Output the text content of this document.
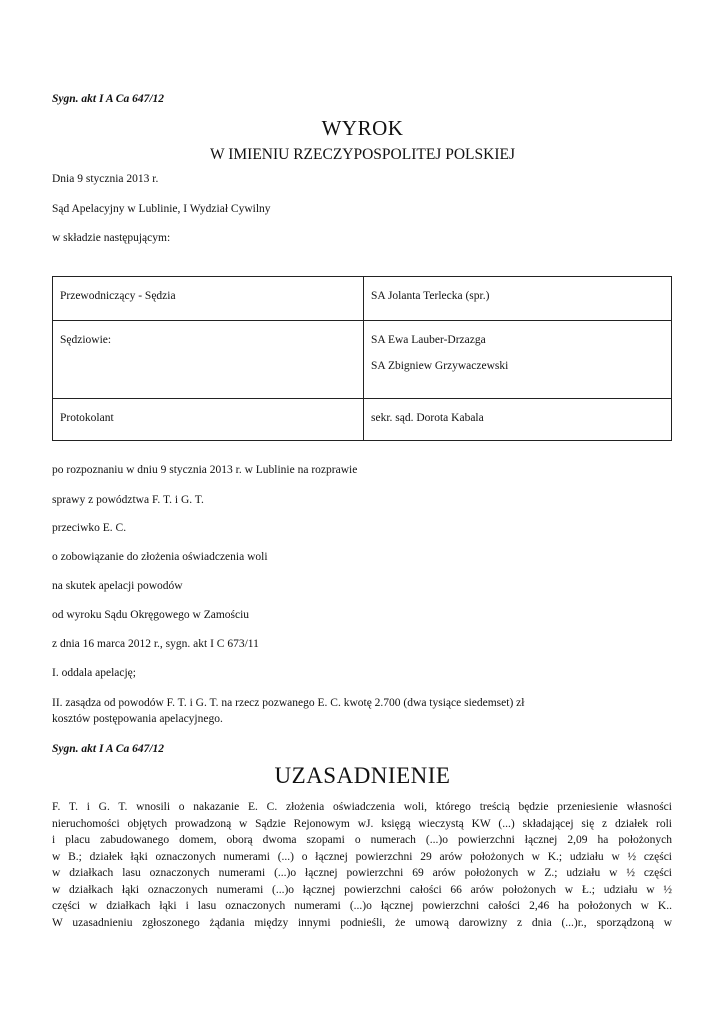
Sygn. akt I A Ca 647/12
WYROK
W IMIENIU RZECZYPOSPOLITEJ POLSKIEJ
Dnia 9 stycznia 2013 r.
Sąd Apelacyjny w Lublinie, I Wydział Cywilny
w składzie następującym:
Przewodniczący - Sędzia	SA Jolanta Terlecka (spr.)

Sędziowie:	SA Ewa Lauber-Drzazga
SA Zbigniew Grzywaczewski

Protokolant	sekr. sąd. Dorota Kabala
po rozpoznaniu w dniu 9 stycznia 2013 r. w Lublinie na rozprawie
sprawy z powództwa F. T. i G. T.
przeciwko E. C.
o zobowiązanie do złożenia oświadczenia woli
na skutek apelacji powodów
od wyroku Sądu Okręgowego w Zamościu
z dnia 16 marca 2012 r., sygn. akt I C 673/11
I. oddala apelację;
II. zasądza od powodów F. T. i G. T. na rzecz pozwanego E. C. kwotę 2.700 (dwa tysiące siedemset) zł
kosztów postępowania apelacyjnego.
Sygn. akt I A Ca 647/12
UZASADNIENIE
F. T. i G. T. wnosili o nakazanie E. C. złożenia oświadczenia woli, którego treścią będzie przeniesienie własności
nieruchomości objętych prowadzoną w Sądzie Rejonowym wJ. księgą wieczystą KW (...) składającej się z działek roli
i placu zabudowanego domem, oborą dwoma szopami o numerach (...)o powierzchni łącznej 2,09 ha położonych
w B.; działek łąki oznaczonych numerami (...) o łącznej powierzchni 29 arów położonych w K.; udziału w ½ części
w działkach lasu oznaczonych numerami (...)o łącznej powierzchni 69 arów położonych w Z.; udziału w ½ części
w działkach łąki oznaczonych numerami (...)o łącznej powierzchni całości 66 arów położonych w Ł.; udziału w ½
części w działkach łąki i lasu oznaczonych numerami (...)o łącznej powierzchni całości 2,46 ha położonych w K..
W uzasadnieniu zgłoszonego żądania między innymi podnieśli, że umową darowizny z dnia (...)r., sporządzoną w
